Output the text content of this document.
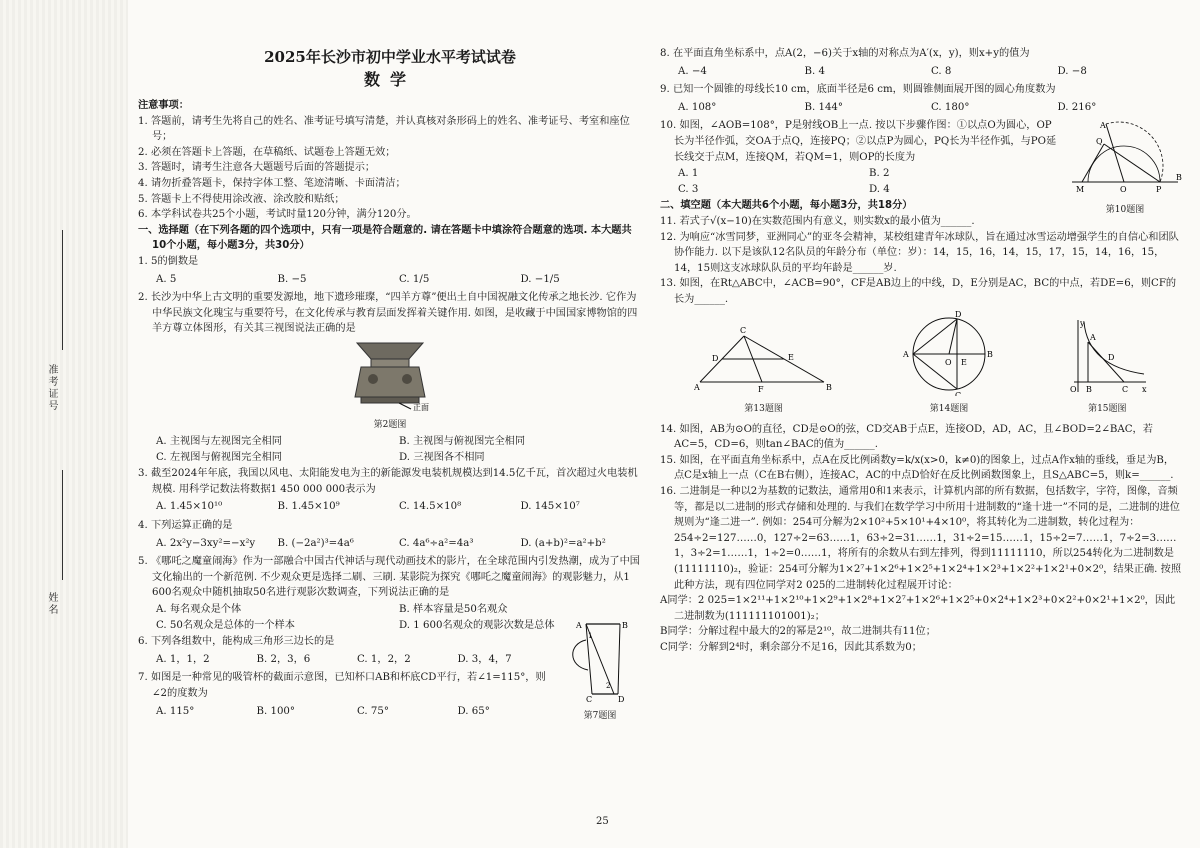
准考证号
姓名

2025年长沙市初中学业水平考试试卷

数学

注意事项：

1. 答题前，请考生先将自己的姓名、准考证号填写清楚，并认真核对条形码上的姓名、准考证号、考室和座位号；

2. 必须在答题卡上答题，在草稿纸、试题卷上答题无效；

3. 答题时，请考生注意各大题题号后面的答题提示；

4. 请勿折叠答题卡，保持字体工整、笔迹清晰、卡面清洁；

5. 答题卡上不得使用涂改液、涂改胶和贴纸；

6. 本学科试卷共25个小题，考试时量120分钟，满分120分。

一、选择题（在下列各题的四个选项中，只有一项是符合题意的. 请在答题卡中填涂符合题意的选项. 本大题共10个小题，每小题3分，共30分）

1. 5的倒数是

A. 5	B. −5	C. 1/5	D. −1/5

2. 长沙为中华上古文明的重要发源地，地下遗珍璀璨，“四羊方尊”便出土自中国祝融文化传承之地长沙. 它作为中华民族文化瑰宝与重要符号，在文化传承与教育层面发挥着关键作用. 如图，是收藏于中国国家博物馆的四羊方尊立体图形，有关其三视图说法正确的是

正面
第2题图
A. 主视图与左视图完全相同	B. 主视图与俯视图完全相同
C. 左视图与俯视图完全相同	D. 三视图各不相同

3. 截至2024年年底，我国以风电、太阳能发电为主的新能源发电装机规模达到14.5亿千瓦，首次超过火电装机规模. 用科学记数法将数据1 450 000 000表示为

A. 1.45×10¹⁰	B. 1.45×10⁹	C. 14.5×10⁸	D. 145×10⁷

4. 下列运算正确的是

A. 2x²y−3xy²=−x²y	B. (−2a²)³=4a⁶	C. 4a⁶÷a²=4a³	D. (a+b)²=a²+b²

5. 《哪吒之魔童闹海》作为一部融合中国古代神话与现代动画技术的影片，在全球范围内引发热潮，成为了中国文化输出的一个新范例. 不少观众更是选择二刷、三刷. 某影院为探究《哪吒之魔童闹海》的观影魅力，从1 600名观众中随机抽取50名进行观影次数调查，下列说法正确的是

A. 每名观众是个体	B. 样本容量是50名观众
C. 50名观众是总体的一个样本	D. 1 600名观众的观影次数是总体

6. 下列各组数中，能构成三角形三边长的是

A. 1，1，2	B. 2，3，6	C. 1，2，2	D. 3，4，7

7. 如图是一种常见的吸管杯的截面示意图，已知杯口AB和杯底CD平行，若∠1=115°，则∠2的度数为

A. 115°	B. 100°	C. 75°	D. 65°
A	B
1
2
C	D
第7题图

8. 在平面直角坐标系中，点A(2，−6)关于x轴的对称点为A′(x，y)，则x+y的值为

A. −4	B. 4	C. 8	D. −8

9. 已知一个圆锥的母线长10 cm，底面半径是6 cm，则圆锥侧面展开图的圆心角度数为

A. 108°	B. 144°	C. 180°	D. 216°

10. 如图，∠AOB=108°，P是射线OB上一点. 按以下步骤作图：①以点O为圆心，OP长为半径作弧，交OA于点Q，连接PQ；②以点P为圆心，PQ长为半径作弧，与PO延长线交于点M，连接QM，若QM=1，则OP的长度为

A. 1	B. 2
C. 3	D. 4
A
Q
M	O	P
B
第10题图

二、填空题（本大题共6个小题，每小题3分，共18分）

11. 若式子√(x−10)在实数范围内有意义，则实数x的最小值为______.

12. 为响应“冰雪同梦，亚洲同心”的亚冬会精神，某校组建青年冰球队，旨在通过冰雪运动增强学生的自信心和团队协作能力. 以下是该队12名队员的年龄分布（单位：岁）：14，15，16，14，15，17，15，14，16，15，14，15则这支冰球队队员的平均年龄是______岁.

13. 如图，在Rt△ABC中，∠ACB=90°，CF是AB边上的中线，D，E分别是AC，BC的中点，若DE=6，则CF的长为______.

C
D	E
A	F	B
第13题图
D
A
O E
B
C
第14题图
y
A
D
O B	C x
第15题图

14. 如图，AB为⊙O的直径，CD是⊙O的弦，CD交AB于点E，连接OD，AD，AC，且∠BOD=2∠BAC，若AC=5，CD=6，则tan∠BAC的值为______.

15. 如图，在平面直角坐标系中，点A在反比例函数y=k/x(x>0，k≠0)的图象上，过点A作x轴的垂线，垂足为B，点C是x轴上一点（C在B右侧），连接AC，AC的中点D恰好在反比例函数图象上，且S△ABC=5，则k=______.

16. 二进制是一种以2为基数的记数法，通常用0和1来表示，计算机内部的所有数据，包括数字，字符，图像，音频等，都是以二进制的形式存储和处理的. 与我们在数学学习中所用十进制数的“逢十进一”不同的是，二进制的进位规则为“逢二进一”. 例如：254可分解为2×10²+5×10¹+4×10⁰，将其转化为二进制数，转化过程为：254÷2=127……0，127÷2=63……1，63÷2=31……1，31÷2=15……1，15÷2=7……1，7÷2=3……1，3÷2=1……1，1÷2=0……1，将所有的余数从右到左排列，得到11111110，所以254转化为二进制数是(11111110)₂，验证：254可分解为1×2⁷+1×2⁶+1×2⁵+1×2⁴+1×2³+1×2²+1×2¹+0×2⁰，结果正确. 按照此种方法，现有四位同学对2 025的二进制转化过程展开讨论：

A同学：2 025=1×2¹¹+1×2¹⁰+1×2⁹+1×2⁸+1×2⁷+1×2⁶+1×2⁵+0×2⁴+1×2³+0×2²+0×2¹+1×2⁰，因此二进制数为(111111101001)₂；

B同学：分解过程中最大的2的幂是2¹⁰，故二进制共有11位；

C同学：分解到2⁴时，剩余部分不足16，因此其系数为0；

25
